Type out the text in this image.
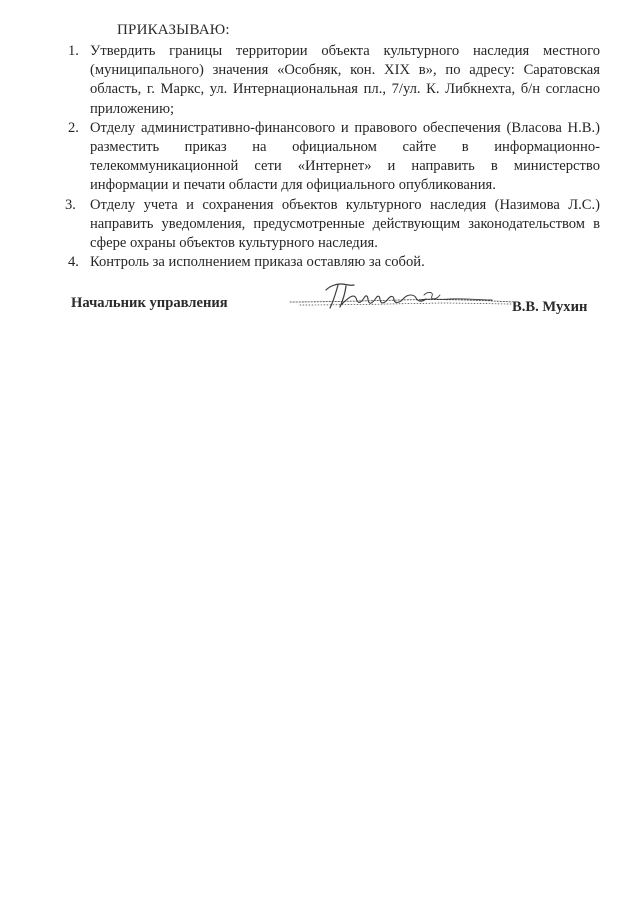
ПРИКАЗЫВАЮ:
1. Утвердить границы территории объекта культурного наследия местного (муниципального) значения «Особняк, кон. XIX в», по адресу: Саратовская область, г. Маркс, ул. Интернациональная пл., 7/ул. К. Либкнехта, б/н согласно приложению;
2. Отделу административно-финансового и правового обеспечения (Власова Н.В.) разместить приказ на официальном сайте в информационно-телекоммуникационной сети «Интернет» и направить в министерство информации и печати области для официального опубликования.
3. Отделу учета и сохранения объектов культурного наследия (Назимова Л.С.) направить уведомления, предусмотренные действующим законодательством в сфере охраны объектов культурного наследия.
4. Контроль за исполнением приказа оставляю за собой.
Начальник управления	В.В. Мухин
